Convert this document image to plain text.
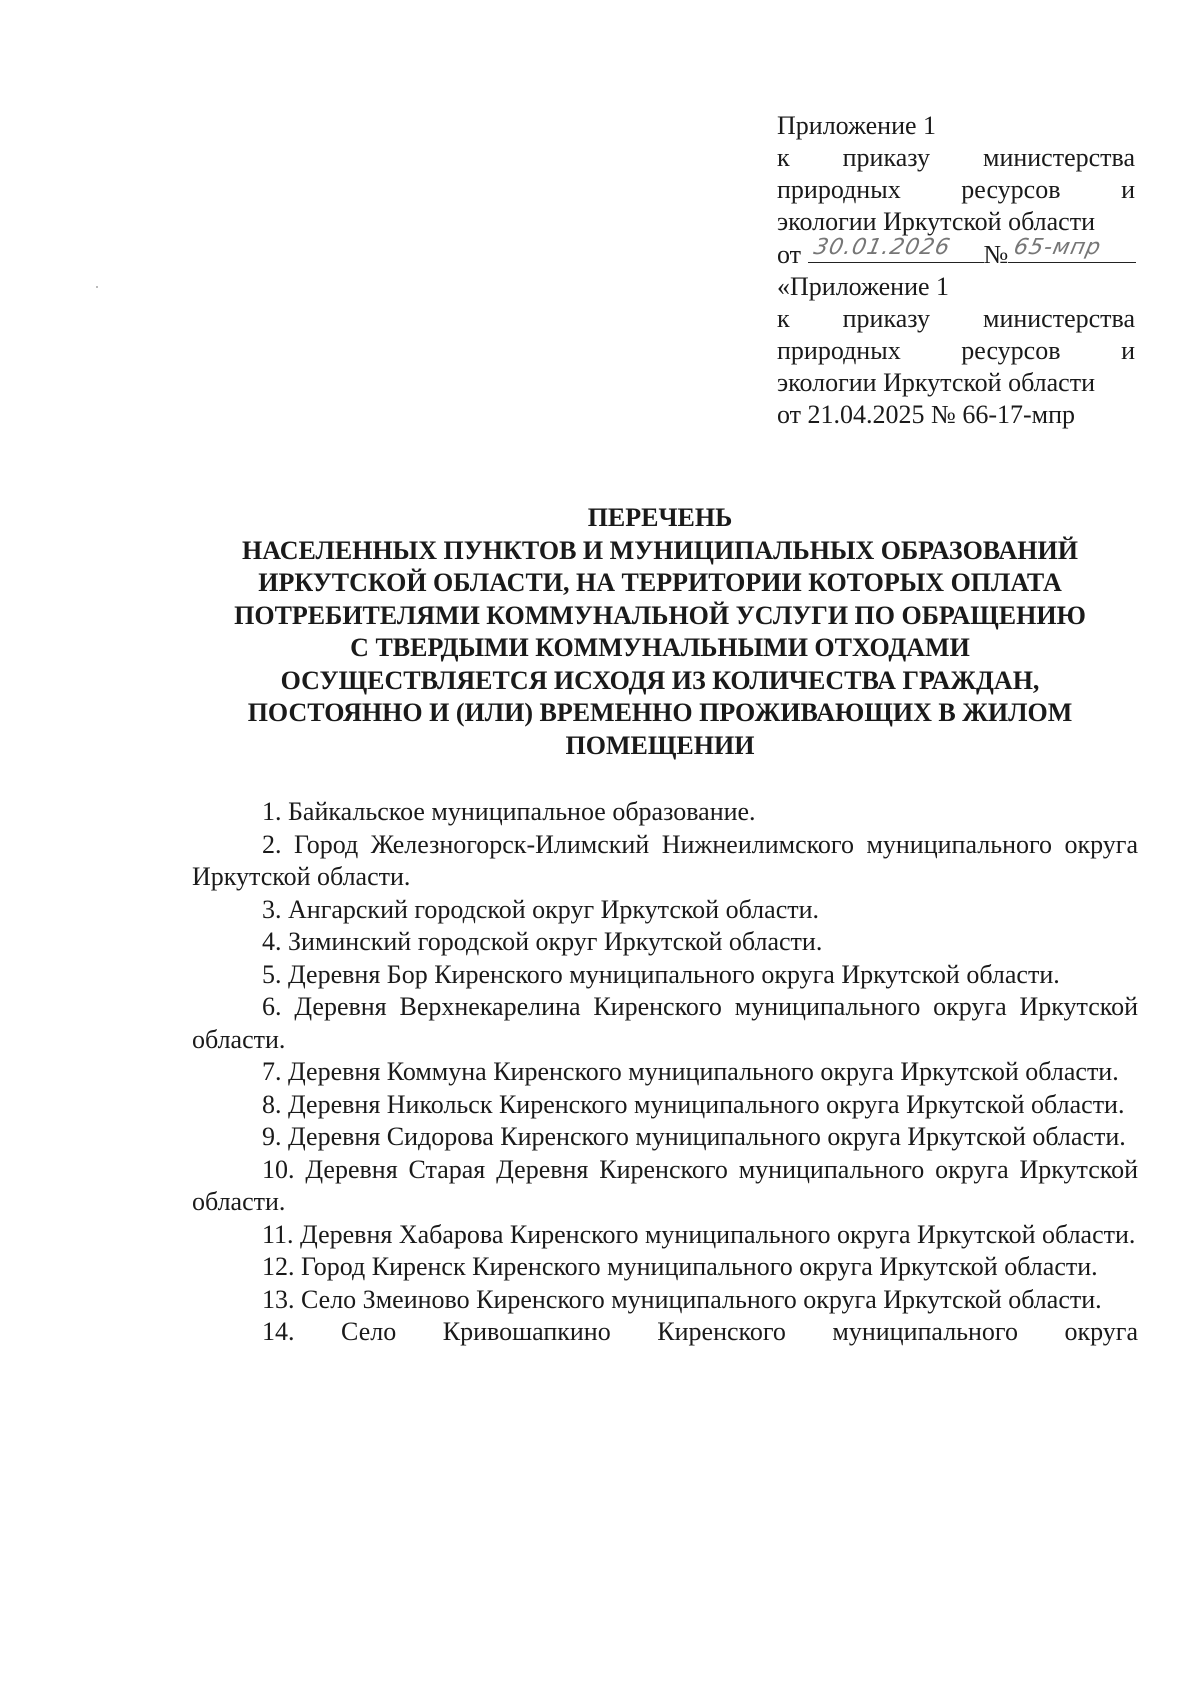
Приложение 1
к приказу министерства
природных ресурсов и
экологии Иркутской области
от 30.01.2026 № 65-мпр
«Приложение 1
к приказу министерства
природных ресурсов и
экологии Иркутской области
от 21.04.2025 № 66-17-мпр
ПЕРЕЧЕНЬ
НАСЕЛЕННЫХ ПУНКТОВ И МУНИЦИПАЛЬНЫХ ОБРАЗОВАНИЙ
ИРКУТСКОЙ ОБЛАСТИ, НА ТЕРРИТОРИИ КОТОРЫХ ОПЛАТА
ПОТРЕБИТЕЛЯМИ КОММУНАЛЬНОЙ УСЛУГИ ПО ОБРАЩЕНИЮ
С ТВЕРДЫМИ КОММУНАЛЬНЫМИ ОТХОДАМИ
ОСУЩЕСТВЛЯЕТСЯ ИСХОДЯ ИЗ КОЛИЧЕСТВА ГРАЖДАН,
ПОСТОЯННО И (ИЛИ) ВРЕМЕННО ПРОЖИВАЮЩИХ В ЖИЛОМ
ПОМЕЩЕНИИ
1. Байкальское муниципальное образование.
2. Город Железногорск-Илимский Нижнеилимского муниципального округа Иркутской области.
3. Ангарский городской округ Иркутской области.
4. Зиминский городской округ Иркутской области.
5. Деревня Бор Киренского муниципального округа Иркутской области.
6. Деревня Верхнекарелина Киренского муниципального округа Иркутской области.
7. Деревня Коммуна Киренского муниципального округа Иркутской области.
8. Деревня Никольск Киренского муниципального округа Иркутской области.
9. Деревня Сидорова Киренского муниципального округа Иркутской области.
10. Деревня Старая Деревня Киренского муниципального округа Иркутской области.
11. Деревня Хабарова Киренского муниципального округа Иркутской области.
12. Город Киренск Киренского муниципального округа Иркутской области.
13. Село Змеиново Киренского муниципального округа Иркутской области.
14. Село Кривошапкино Киренского муниципального округа
